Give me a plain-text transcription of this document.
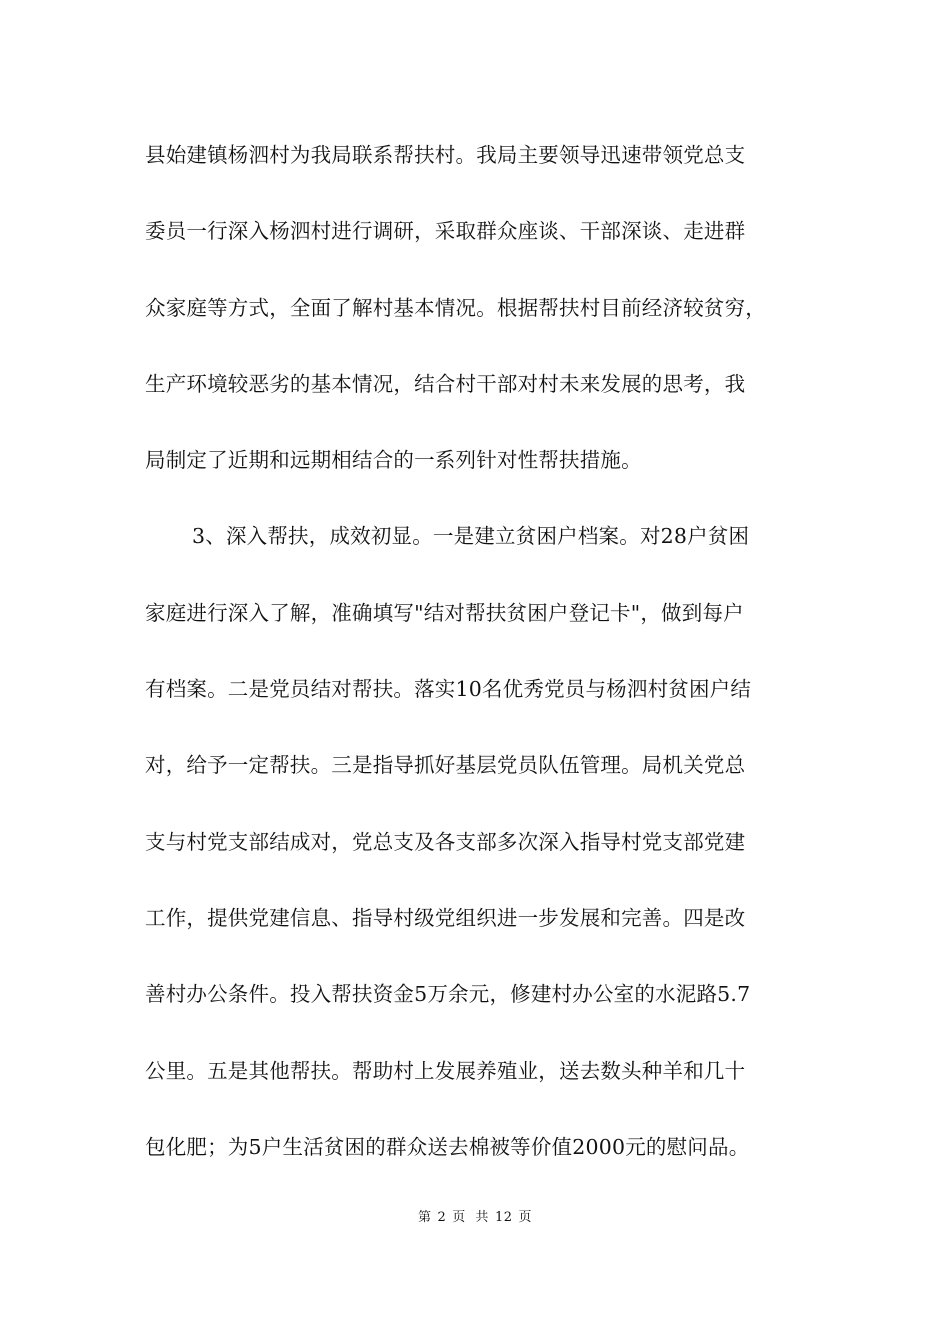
县始建镇杨泗村为我局联系帮扶村。我局主要领导迅速带领党总支
委员一行深入杨泗村进行调研，采取群众座谈、干部深谈、走进群
众家庭等方式，全面了解村基本情况。根据帮扶村目前经济较贫穷，
生产环境较恶劣的基本情况，结合村干部对村未来发展的思考，我
局制定了近期和远期相结合的一系列针对性帮扶措施。
3、深入帮扶，成效初显。一是建立贫困户档案。对28户贫困
家庭进行深入了解，准确填写"结对帮扶贫困户登记卡"，做到每户
有档案。二是党员结对帮扶。落实10名优秀党员与杨泗村贫困户结
对，给予一定帮扶。三是指导抓好基层党员队伍管理。局机关党总
支与村党支部结成对，党总支及各支部多次深入指导村党支部党建
工作，提供党建信息、指导村级党组织进一步发展和完善。四是改
善村办公条件。投入帮扶资金5万余元，修建村办公室的水泥路5.7
公里。五是其他帮扶。帮助村上发展养殖业，送去数头种羊和几十
包化肥；为5户生活贫困的群众送去棉被等价值2000元的慰问品。
第 2 页 共 12 页
